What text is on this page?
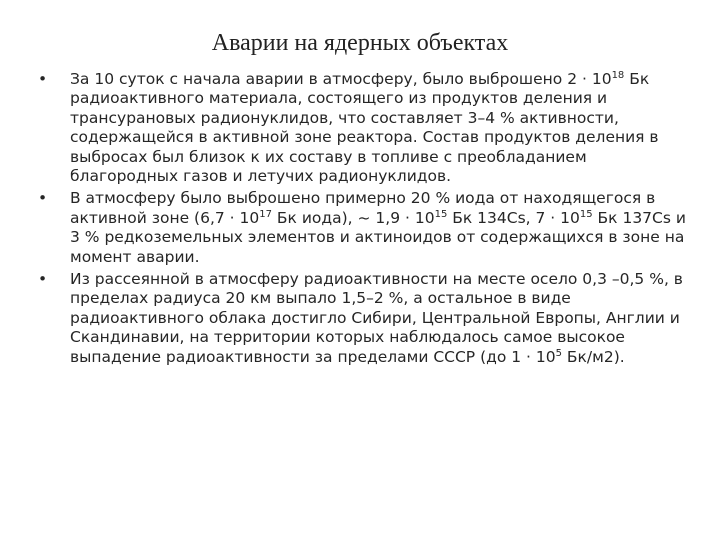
Аварии на ядерных объектах
• За 10 суток с начала аварии в атмосферу, было выброшено $2 \cdot 10^{18}$ Бк радиоактивного материала, состоящего из продуктов деления и трансурановых радионуклидов, что составляет 3–4 % активности, содержащейся в активной зоне реактора. Состав продуктов деления в выбросах был близок к их составу в топливе с преобладанием благородных газов и летучих радионуклидов.
• В атмосферу было выброшено примерно 20 % иода от находящегося в активной зоне ($6,7 \cdot 10^{17}$ Бк иода), ~ $1,9 \cdot 10^{15}$ Бк 134Cs, $7 \cdot 10^{15}$ Бк 137Cs и 3 % редкоземельных элементов и актиноидов от содержащихся в зоне на момент аварии.
• Из рассеянной в атмосферу радиоактивности на месте осело 0,3 –0,5 %, в пределах радиуса 20 км выпало 1,5–2 %, а остальное в виде радиоактивного облака достигло Сибири, Центральной Европы, Англии и Скандинавии, на территории которых наблюдалось самое высокое выпадение радиоактивности за пределами СССР (до $1 \cdot 10^5$ Бк/м2).
